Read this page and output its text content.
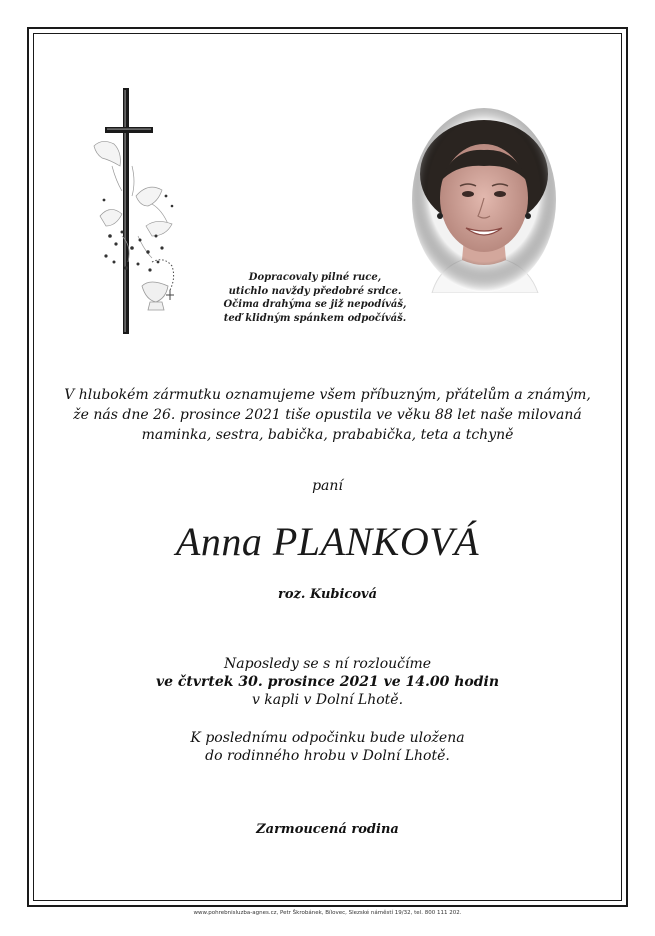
Dopracovaly pilné ruce,
utichlo navždy předobré srdce.
Očima drahýma se již nepodíváš,
teď klidným spánkem odpočíváš.
V hlubokém zármutku oznamujeme všem příbuzným, přátelům a známým,
že nás dne 26. prosince 2021 tiše opustila ve věku 88 let naše milovaná
maminka, sestra, babička, prababička, teta a tchyně
paní
Anna PLANKOVÁ
roz. Kubicová
Naposledy se s ní rozloučíme
ve čtvrtek 30. prosince 2021 ve 14.00 hodin
v kapli v Dolní Lhotě.
K poslednímu odpočinku bude uložena
do rodinného hrobu v Dolní Lhotě.
Zarmoucená rodina
www.pohrebnisluzba-agnes.cz, Petr Škrobánek, Bílovec, Slezské náměstí 19/32, tel. 800 111 202.
